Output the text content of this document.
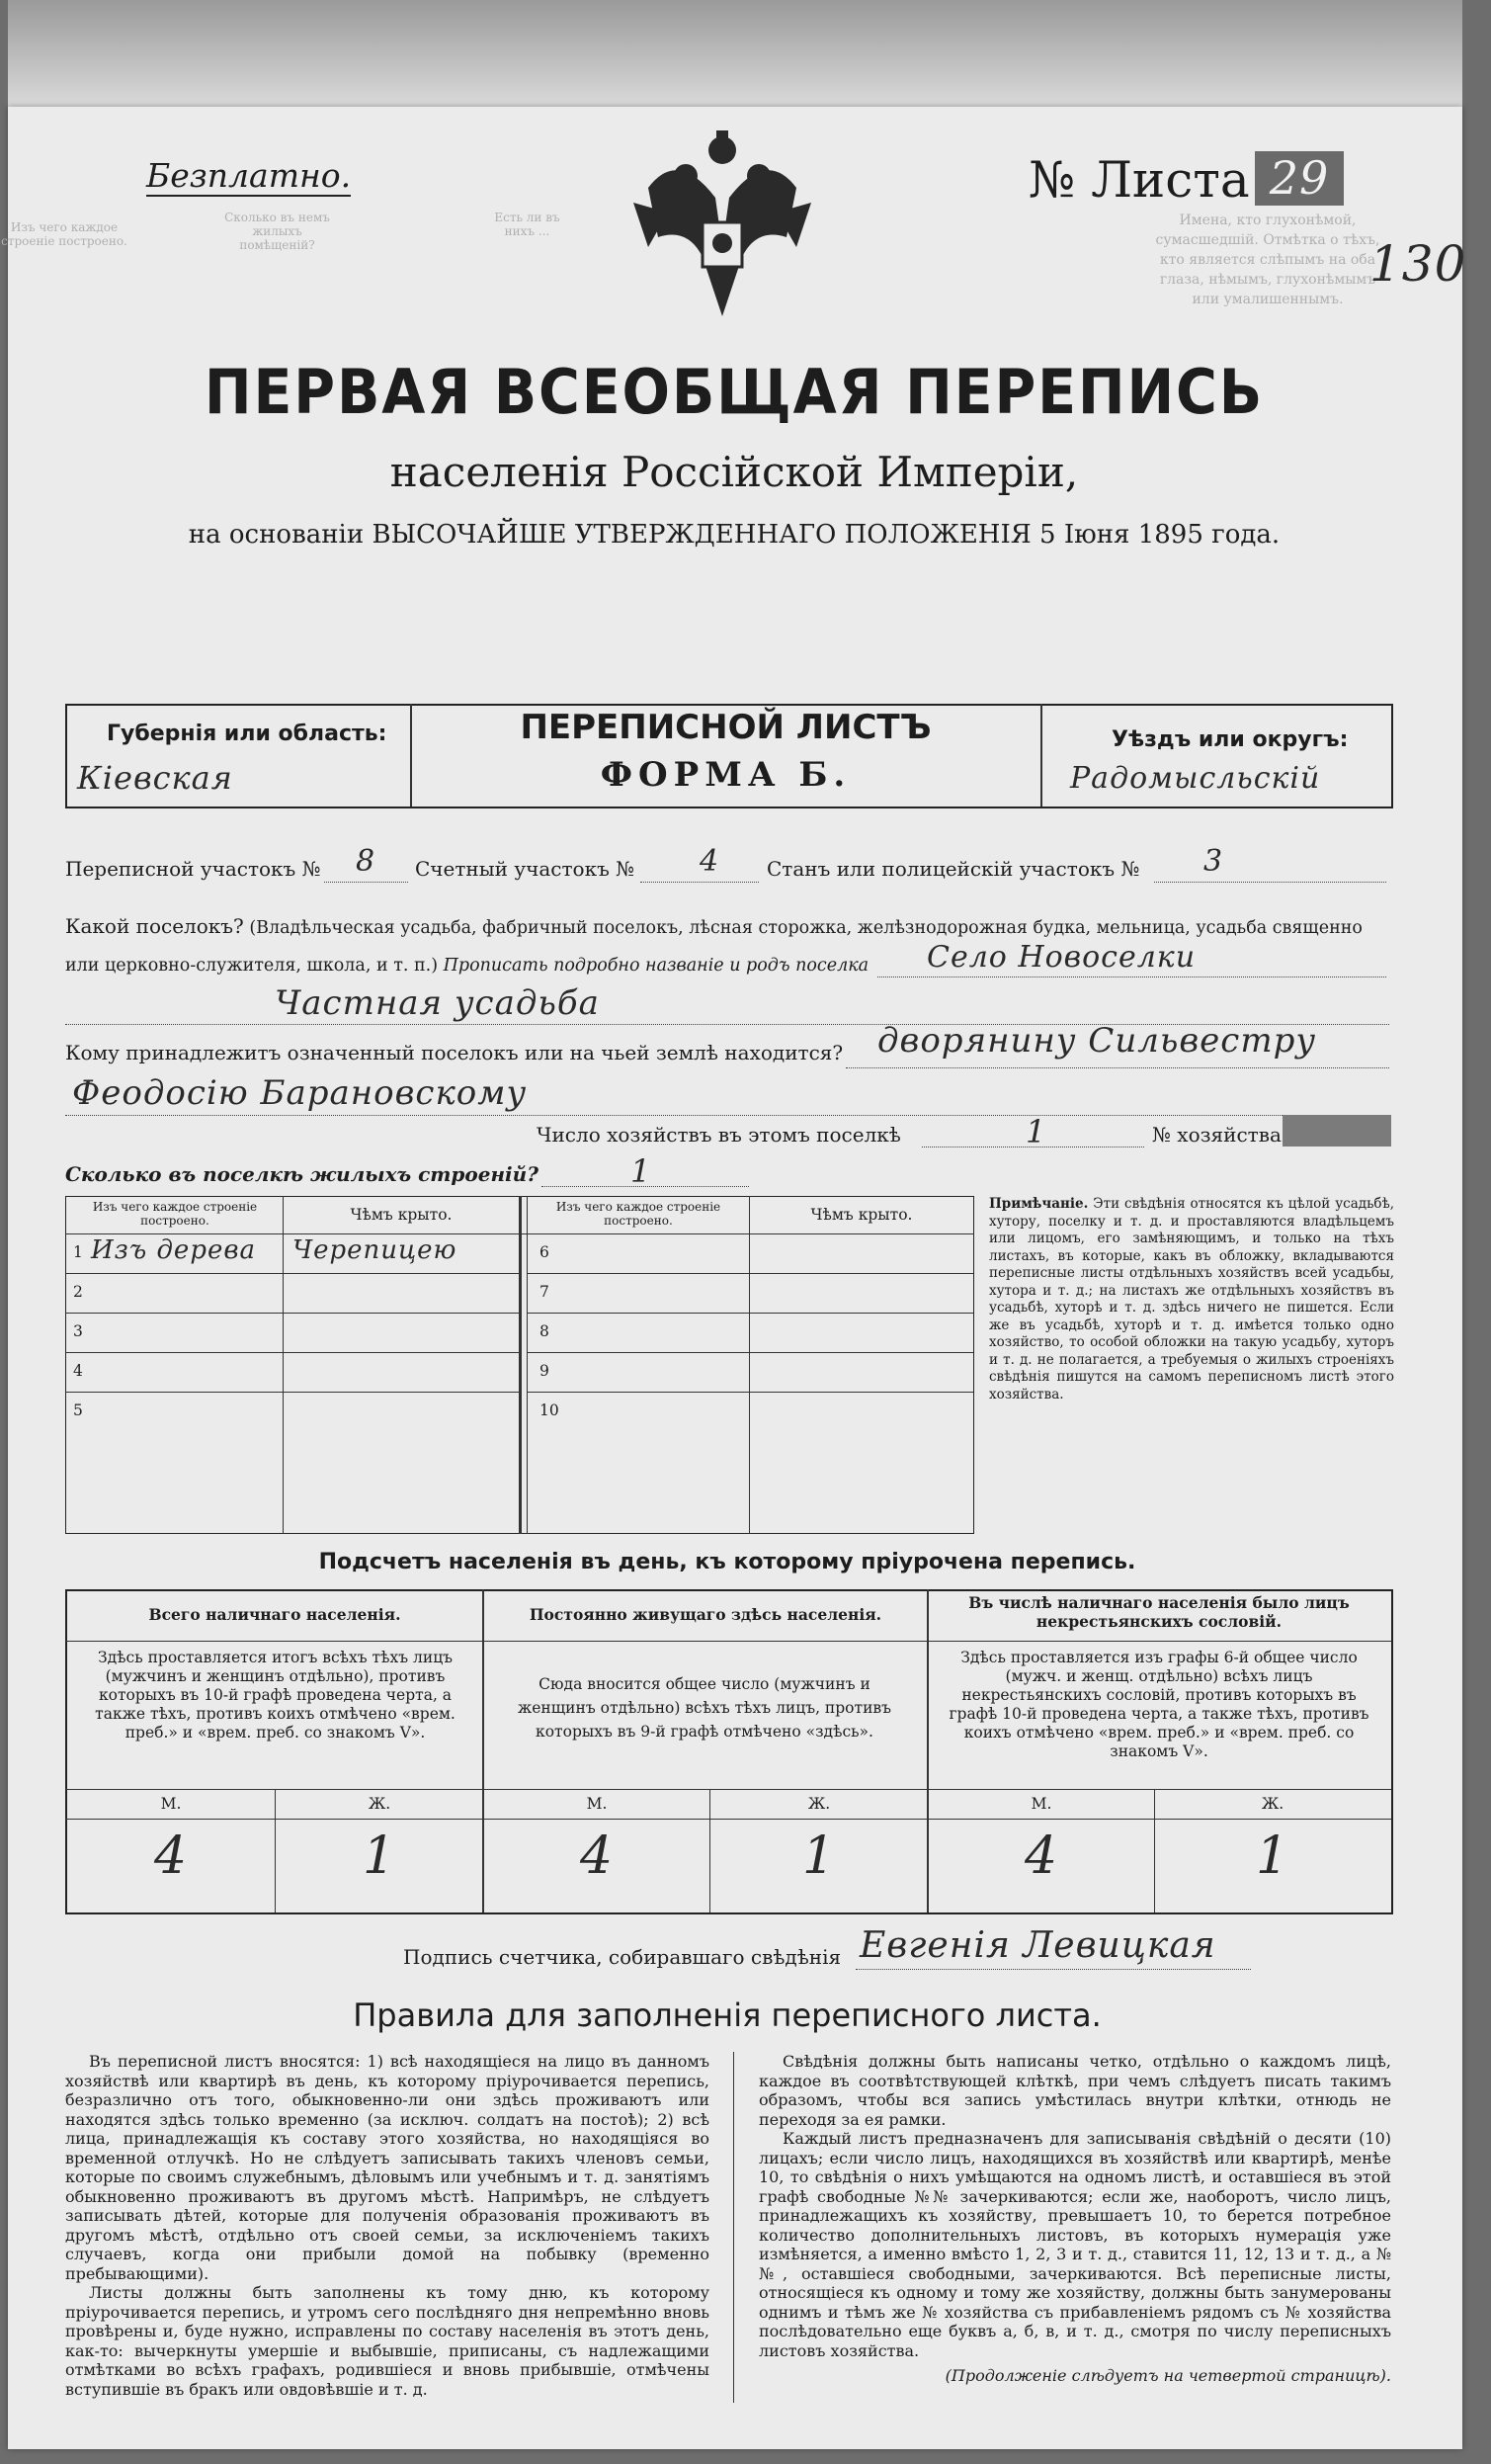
Изъ чего каждое строеніе построено.
Сколько въ немъ жилыхъ помѣщеній?
Есть ли въ нихъ ...
Имена, кто глухонѣмой, сумасшедшій. Отмѣтка о тѣхъ, кто является слѣпымъ на оба глаза, нѣмымъ, глухонѣмымъ или умалишеннымъ.
Безплатно.	№ Листа 29
130
ПЕРВАЯ ВСЕОБЩАЯ ПЕРЕПИСЬ
населенія Россійской Имперіи,
на основаніи ВЫСОЧАЙШЕ УТВЕРЖДЕННАГО ПОЛОЖЕНІЯ 5 Іюня 1895 года.
Губернія или область:
Кiевская
ПЕРЕПИСНОЙ ЛИСТЪ
ФОРМА Б.
Уѣздъ или округъ:
Радомысльскій
Переписной участокъ № 8 Счетный участокъ № 4 Станъ или полицейскій участокъ № 3
Какой поселокъ? (Владѣльческая усадьба, фабричный поселокъ, лѣсная сторожка, желѣзнодорожная будка, мельница, усадьба священно или церковно-служителя, школа, и т. п.) Прописать подробно названіе и родъ поселка	Село Новоселки
Частная усадьба
Кому принадлежитъ означенный поселокъ или на чьей землѣ находится? дворянину Сильвестру
Феодосію Барановскому
Число хозяйствъ въ этомъ поселкѣ	1	№ хозяйства
Сколько въ поселкѣ жилыхъ строеній?	1
Изъ чего каждое строеніе построено.	Чѣмъ крыто.	Изъ чего каждое строеніе построено.	Чѣмъ крыто.
1 Изъ дерева Черепицею
2
3
4
5
6
7
8
9
10
Примѣчаніе. Эти свѣдѣнія относятся къ цѣлой усадьбѣ, хутору, поселку и т. д. и проставляются владѣльцемъ или лицомъ, его замѣняющимъ, и только на тѣхъ листахъ, въ которые, какъ въ обложку, вкладываются переписные листы отдѣльныхъ хозяйствъ всей усадьбы, хутора и т. д.; на листахъ же отдѣльныхъ хозяйствъ въ усадьбѣ, хуторѣ и т. д. здѣсь ничего не пишется. Если же въ усадьбѣ, хуторѣ и т. д. имѣется только одно хозяйство, то особой обложки на такую усадьбу, хуторъ и т. д. не полагается, а требуемыя о жилыхъ строеніяхъ свѣдѣнія пишутся на самомъ переписномъ листѣ этого хозяйства.
Подсчетъ населенія въ день, къ которому пріурочена перепись.
Всего наличнаго населенія.
Здѣсь проставляется итогъ всѣхъ тѣхъ лицъ (мужчинъ и женщинъ отдѣльно), противъ которыхъ въ 10-й графѣ проведена черта, а также тѣхъ, противъ коихъ отмѣчено «врем. преб.» и «врем. преб. со знакомъ V».
М.	Ж.
4	1
Постоянно живущаго здѣсь населенія.
Сюда вносится общее число (мужчинъ и женщинъ отдѣльно) всѣхъ тѣхъ лицъ, противъ которыхъ въ 9-й графѣ отмѣчено «здѣсь».
М.	Ж.
4	1
Въ числѣ наличнаго населенія было лицъ некрестьянскихъ сословій.
Здѣсь проставляется изъ графы 6-й общее число (мужч. и женщ. отдѣльно) всѣхъ лицъ некрестьянскихъ сословій, противъ которыхъ въ графѣ 10-й проведена черта, а также тѣхъ, противъ коихъ отмѣчено «врем. преб.» и «врем. преб. со знакомъ V».
М.	Ж.
4	1
Подпись счетчика, собиравшаго свѣдѣнія Евгенія Левицкая
Правила для заполненія переписного листа.

Въ переписной листъ вносятся: 1) всѣ находящіеся на лицо въ данномъ хозяйствѣ или квартирѣ въ день, къ которому пріурочивается перепись, безразлично отъ того, обыкновенно-ли они здѣсь проживаютъ или находятся здѣсь только временно (за исключ. солдатъ на постоѣ); 2) всѣ лица, принадлежащія къ составу этого хозяйства, но находящіяся во временной отлучкѣ. Но не слѣдуетъ записывать такихъ членовъ семьи, которые по своимъ служебнымъ, дѣловымъ или учебнымъ и т. д. занятіямъ обыкновенно проживаютъ въ другомъ мѣстѣ. Напримѣръ, не слѣдуетъ записывать дѣтей, которые для полученія образованія проживаютъ въ другомъ мѣстѣ, отдѣльно отъ своей семьи, за исключеніемъ такихъ случаевъ, когда они прибыли домой на побывку (временно пребывающими).

Листы должны быть заполнены къ тому дню, къ которому пріурочивается перепись, и утромъ сего послѣдняго дня непремѣнно вновь провѣрены и, буде нужно, исправлены по составу населенія въ этотъ день, как-то: вычеркнуты умершіе и выбывшіе, приписаны, съ надлежащими отмѣтками во всѣхъ графахъ, родившіеся и вновь прибывшіе, отмѣчены вступившіе въ бракъ или овдовѣвшіе и т. д.

Свѣдѣнія должны быть написаны четко, отдѣльно о каждомъ лицѣ, каждое въ соотвѣтствующей клѣткѣ, при чемъ слѣдуетъ писать такимъ образомъ, чтобы вся запись умѣстилась внутри клѣтки, отнюдь не переходя за ея рамки.

Каждый листъ предназначенъ для записыванія свѣдѣній о десяти (10) лицахъ; если число лицъ, находящихся въ хозяйствѣ или квартирѣ, менѣе 10, то свѣдѣнія о нихъ умѣщаются на одномъ листѣ, и оставшіеся въ этой графѣ свободные №№ зачеркиваются; если же, наоборотъ, число лицъ, принадлежащихъ къ хозяйству, превышаетъ 10, то берется потребное количество дополнительныхъ листовъ, въ которыхъ нумерація уже измѣняется, а именно вмѣсто 1, 2, 3 и т. д., ставится 11, 12, 13 и т. д., а №№, оставшіеся свободными, зачеркиваются. Всѣ переписные листы, относящіеся къ одному и тому же хозяйству, должны быть занумерованы однимъ и тѣмъ же № хозяйства съ прибавленіемъ рядомъ съ № хозяйства послѣдовательно еще буквъ а, б, в, и т. д., смотря по числу переписныхъ листовъ хозяйства.

(Продолженіе слѣдуетъ на четвертой страницѣ).
